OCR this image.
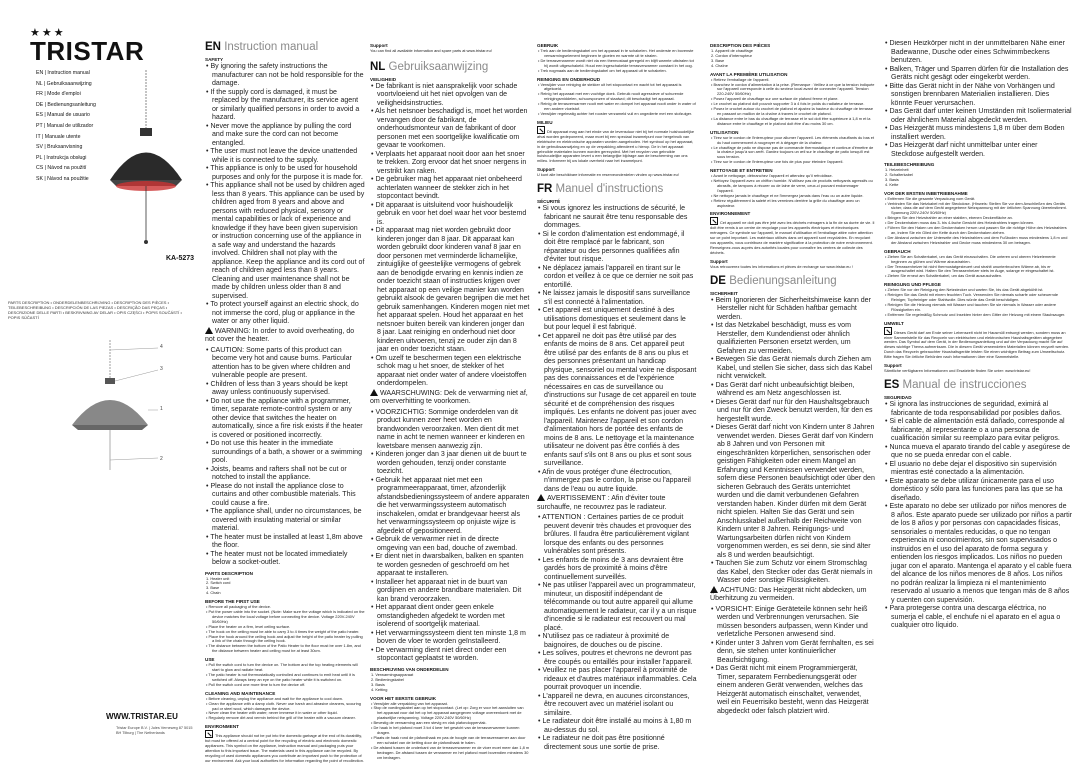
★★★
TRISTAR
EN | Instruction manual
NL | Gebruiksaanwijzing
FR | Mode d'emploi
DE | Bedienungsanleitung
ES | Manual de usuario
PT | Manual de utilizador
IT | Manuale utente
SV | Bruksanvisning
PL | Instrukcja obsługi
CS | Návod na použití
SK | Návod na použitie
KA-5273
PARTS DESCRIPTION • ONDERDELENBESCHRIJVING • DESCRIPTION DES PIÈCES • TEILEBESCHREIBUNG • DESCRIPCIÓN DE LAS PIEZAS • DESCRIÇÃO DAS PEÇAS • DESCRIZIONE DELLE PARTI • BESKRIVNING AV DELAR • OPIS CZĘŚCI • POPIS SOUČÁSTÍ • POPIS SÚČASTÍ
4
3
1
2
WWW.TRISTAR.EU
Tristar Europe B.V. | Jules Verneweg 87 5015 BH Tilburg | The Netherlands
EN Instruction manual
SAFETY
• By ignoring the safety instructions the manufacturer can not be hold responsible for the damage.
• If the supply cord is damaged, it must be replaced by the manufacturer, its service agent or similarly qualified persons in order to avoid a hazard.
• Never move the appliance by pulling the cord and make sure the cord can not become entangled.
• The user must not leave the device unattended while it is connected to the supply.
• This appliance is only to be used for household purposes and only for the purpose it is made for.
• This appliance shall not be used by children aged less than 8 years. This appliance can be used by children aged from 8 years and above and persons with reduced physical, sensory or mental capabilities or lack of experience and knowledge if they have been given supervision or instruction concerning use of the appliance in a safe way and understand the hazards involved. Children shall not play with the appliance. Keep the appliance and its cord out of reach of children aged less than 8 years. Cleaning and user maintenance shall not be made by children unless older than 8 and supervised.
• To protect yourself against an electric shock, do not immerse the cord, plug or appliance in the water or any other liquid.

WARNING: In order to avoid overheating, do not cover the heater.

• CAUTION: Some parts of this product can become very hot and cause burns. Particular attention has to be given where children and vulnerable people are present.
• Children of less than 3 years should be kept away unless continuously supervised.
• Do not use the appliance with a programmer, timer, separate remote-control system or any other device that switches the heater on automatically, since a fire risk exists if the heater is covered or positioned incorrectly.
• Do not use this heater in the immediate surroundings of a bath, a shower or a swimming pool.
• Joists, beams and rafters shall not be cut or notched to install the appliance.
• Please do not install the appliance close to curtains and other combustible materials. This could cause a fire.
• The appliance shall, under no circumstances, be covered with insulating material or similar material.
• The heater must be installed at least 1,8m above the floor.
• The heater must not be located immediately below a socket-outlet.
PARTS DESCRIPTION
1. Heater unit
2. Switch cord
3. Base
4. Chain
BEFORE THE FIRST USE
• Remove all packaging of the device.
• Put the power cable into the socket. (Note: Make sure the voltage which is indicated on the device matches the local voltage before connecting the device. Voltage 220V-240V 50/60Hz)
• Place the heater on a firm, level ceiling surface.
• The hook on the ceiling must be able to carry 3 to 4 times the weight of the patio heater.
• Place the hook around the ceiling hook and adjust the height of the patio heater by pulling a link of the chain through the ceiling hook.
• The distance between the bottom of the Patio Heater to the floor must be over 1.8m, and the distance between heater and ceiling must be at least 30cm.
USE
• Pull the switch cord to turn the device on. The bottom and the top heating elements will start to glow and radiate heat.
• The patio heater is not thermostatically controlled and continues to emit heat until it is switched off. Always keep an eye on the patio heater while it is switched on.
• Pull the switch cord one more time to turn the device off.
CLEANING AND MAINTENANCE
• Before cleaning, unplug the appliance and wait for the appliance to cool down.
• Clean the appliance with a damp cloth. Never use harsh and abrasive cleaners, scouring pad or steel wool, which damages the device.
• Never clean the heater with water; never immerse it in water or other liquid.
• Regularly remove dirt and vermin behind the grill of the heater with a vacuum cleaner.
ENVIRONMENT

This appliance should not be put into the domestic garbage at the end of its durability, but must be offered at a central point for the recycling of electric and electronic domestic appliances. This symbol on the appliance, instruction manual and packaging puts your attention to this important issue. The materials used in this appliance can be recycled. By recycling of used domestic appliances you contribute an important push to the protection of our environment. Ask your local authorities for information regarding the point of recollection.

Support

You can find all available information and spare parts at www.tristar.eu!

NL Gebruiksaanwijzing
VEILIGHEID
• De fabrikant is niet aansprakelijk voor schade voortvloeiend uit het niet opvolgen van de veiligheidsinstructies.
• Als het netsnoer beschadigd is, moet het worden vervangen door de fabrikant, de onderhoudsmonteur van de fabrikant of door personen met een soortgelijke kwalificatie om gevaar te voorkomen.
• Verplaats het apparaat nooit door aan het snoer te trekken. Zorg ervoor dat het snoer nergens in verstrikt kan raken.
• De gebruiker mag het apparaat niet onbeheerd achterlaten wanneer de stekker zich in het stopcontact bevindt.
• Dit apparaat is uitsluitend voor huishoudelijk gebruik en voor het doel waar het voor bestemd is.
• Dit apparaat mag niet worden gebruikt door kinderen jonger dan 8 jaar. Dit apparaat kan worden gebruikt door kinderen vanaf 8 jaar en door personen met verminderde lichamelijke, zintuiglijke of geestelijke vermogens of gebrek aan de benodigde ervaring en kennis indien ze onder toezicht staan of instructies krijgen over het apparaat op een veilige manier kan worden gebruikt alsook de gevaren begrijpen die met het gebruik samenhangen. Kinderen mogen niet met het apparaat spelen. Houd het apparaat en het netsnoer buiten bereik van kinderen jonger dan 8 jaar. Laat reiniging en onderhoud niet door kinderen uitvoeren, tenzij ze ouder zijn dan 8 jaar en onder toezicht staan.
• Om uzelf te beschermen tegen een elektrische schok mag u het snoer, de stekker of het apparaat niet onder water of andere vloeistoffen onderdompelen.

WAARSCHUWING: Dek de verwarming niet af, om oververhitting te voorkomen.

• VOORZICHTIG: Sommige onderdelen van dit product kunnen zeer heet worden en brandwonden veroorzaken. Men dient dit met name in acht te nemen wanneer er kinderen en kwetsbare mensen aanwezig zijn.
• Kinderen jonger dan 3 jaar dienen uit de buurt te worden gehouden, tenzij onder constante toezicht.
• Gebruik het apparaat niet met een programmeerapparaat, timer, afzonderlijk afstandsbedieningssysteem of andere apparaten die het verwarmingssysteem automatisch inschakelen, omdat er brandgevaar heerst als het verwarmingssysteem op onjuiste wijze is afgedekt of gepositioneerd.
• Gebruik de verwarmer niet in de directe omgeving van een bad, douche of zwembad.
• Er dient niet in dwarsbalken, balken en spanten te worden gesneden of geschroefd om het apparaat te installeren.
• Installeer het apparaat niet in de buurt van gordijnen en andere brandbare materialen. Dit kan brand veroorzaken.
• Het apparaat dient onder geen enkele omstandigheden afgedekt te worden met isolerend of soortgelijk materiaal.
• Het verwarmingssysteem dient ten minste 1,8 m boven de vloer te worden geïnstalleerd.
• De verwarming dient niet direct onder een stopcontact geplaatst te worden.
BESCHRIJVING VAN ONDERDELEN
1. Verwarmingsapparaat
2. Bedieningskabel
3. Basis
4. Ketting
VOOR HET EERSTE GEBRUIK
• Verwijder alle verpakking van het apparaat.
• Stop de voedingskabel aan op het stopcontact. (Let op: Zorg er voor het aansluiten van het apparaat voor dat het op het apparaat aangegeven voltage overeenkomt met de plaatselijke netspanning. Voltage 220V-240V 50/60Hz)
• Bevestig de verwarming aan een stevig en vlak plafondoppervlak.
• De haak in het plafond moet 3 tot 4 keer het gewicht van de terrasverwarmer kunnen dragen.
• Plaats de haak rond de plafondhaak en pas de hoogte van de terrasverwarmer aan door een schakel van de ketting door de plafondhaak te halen.
• De afstand tussen de onderkant van de terrasverwarmer en de vloer moet meer dan 1,8 m bedragen. De afstand tussen de verwarmer en het plafond moet bovendien minstens 30 cm bedragen.
GEBRUIK
• Trek aan de bedieningskabel om het apparaat in te schakelen. Het onderste en bovenste verwarmingselement beginnen te gloeien en warmte uit te stralen.
• De terrasverwarmer wordt niet via een thermostaat geregeld en blijft warmte uitstralen tot hij wordt uitgeschakeld. Houd een ingeschakelde terrasverwarmer constant in het oog.
• Trek nogmaals aan de bedieningskabel om het apparaat uit te schakelen.
REINIGING EN ONDERHOUD
• Verwijder voor reiniging de stekker uit het stopcontact en wacht tot het apparaat is afgekoeld.
• Reinig het apparaat met een vochtige doek. Gebruik nooit agressieve of schurende reinigingsmiddelen, schuursponzen of staalwol; dit beschadigt het apparaat.
• Reinig de terrasverwarmer nooit met water en dompel het apparaat nooit onder in water of een andere vloeistof.
• Verwijder regelmatig achter het rooster verzameld vuil en ongedierte met een stofzuiger.
MILIEU

Dit apparaat mag aan het einde van de levensduur niet bij het normale huishoudelijke afval worden gedeponeerd, maar moet bij een speciaal inzamelpunt voor hergebruik van elektrische en elektronische apparaten worden aangeboden. Het symbool op het apparaat, in de gebruiksaanwijzing en op de verpakking attendeert u hierop. De in het apparaat gebruikte materialen kunnen worden gerecycled. Met het recyclen van gebruikte huishoudelijke apparaten levert u een belangrijke bijdrage aan de bescherming van ons milieu. Informeer bij uw lokale overheid naar het inzamelpunt.

Support

U kunt alle beschikbare informatie en reserveonderdelen vinden op www.tristar.eu!

FR Manuel d'instructions
SÉCURITÉ
• Si vous ignorez les instructions de sécurité, le fabricant ne saurait être tenu responsable des dommages.
• Si le cordon d'alimentation est endommagé, il doit être remplacé par le fabricant, son réparateur ou des personnes qualifiées afin d'éviter tout risque.
• Ne déplacez jamais l'appareil en tirant sur le cordon et veillez à ce que ce dernier ne soit pas entortillé.
• Ne laissez jamais le dispositif sans surveillance s'il est connecté à l'alimentation.
• Cet appareil est uniquement destiné à des utilisations domestiques et seulement dans le but pour lequel il est fabriqué.
• Cet appareil ne doit pas être utilisé par des enfants de moins de 8 ans. Cet appareil peut être utilisé par des enfants de 8 ans ou plus et des personnes présentant un handicap physique, sensoriel ou mental voire ne disposant pas des connaissances et de l'expérience nécessaires en cas de surveillance ou d'instructions sur l'usage de cet appareil en toute sécurité et de compréhension des risques impliqués. Les enfants ne doivent pas jouer avec l'appareil. Maintenez l'appareil et son cordon d'alimentation hors de portée des enfants de moins de 8 ans. Le nettoyage et la maintenance utilisateur ne doivent pas être confiés à des enfants sauf s'ils ont 8 ans ou plus et sont sous surveillance.
• Afin de vous protéger d'une électrocution, n'immergez pas le cordon, la prise ou l'appareil dans de l'eau ou autre liquide.

AVERTISSEMENT : Afin d'éviter toute surchauffe, ne recouvrez pas le radiateur.

• ATTENTION : Certaines parties de ce produit peuvent devenir très chaudes et provoquer des brûlures. Il faudra être particulièrement vigilant lorsque des enfants ou des personnes vulnérables sont présents.
• Les enfants de moins de 3 ans devraient être gardés hors de proximité à moins d'être continuellement surveillés.
• Ne pas utiliser l'appareil avec un programmateur, minuteur, un dispositif indépendant de télécommande ou tout autre appareil qui allume automatiquement le radiateur, car il y a un risque d'incendie si le radiateur est recouvert ou mal placé.
• N'utilisez pas ce radiateur à proximité de baignoires, de douches ou de piscine.
• Les solives, poutres et chevrons ne devront pas être coupés ou entaillés pour installer l'appareil.
• Veuillez ne pas placer l'appareil à proximité de rideaux et d'autres matériaux inflammables. Cela pourrait provoquer un incendie.
• L'appareil ne devra, en aucunes circonstances, être recouvert avec un matériel isolant ou similaire.
• Le radiateur doit être installé au moins à 1,80 m au-dessus du sol.
• Le radiateur ne doit pas être positionné directement sous une sortie de prise.
DESCRIPTION DES PIÈCES
1. Appareil de chauffage
2. Cordon d'interrupteur
3. Base
4. Chaîne
AVANT LA PREMIÈRE UTILISATION
• Retirez l'emballage de l'appareil.
• Branchez le cordon d'alimentation à la prise. (Remarque : Veillez à ce que la tension indiquée sur l'appareil corresponde à celle du secteur local avant de connecter l'appareil. Tension 220-240V 50/60Hz)
• Posez l'appareil de chauffage sur une surface de plafond ferme et plane.
• Le crochet au plafond doit pouvoir supporter 3 à 4 fois le poids du radiateur de terrasse.
• Posez le crochet autour du crochet de plafond et ajustez la hauteur du chauffage de terrasse en passant un maillon de la chaîne à travers le crochet de plafond.
• La distance entre le bas du chauffage de terrasse et le sol doit être supérieure à 1,8 m et la distance entre le chauffage et le plafond doit être d'au moins 30 cm.
UTILISATION
• Tirez sur le cordon de l'interrupteur pour allumer l'appareil. Les éléments chauffants du bas et du haut commencent à rougeoyer et à dégager de la chaleur.
• Le chauffage de patio ne dispose pas de commande thermostatique et continue d'émettre de la chaleur jusqu'à son arrêt. Gardez toujours un œil sur le chauffage de patio lorsqu'il est sous tension.
• Tirez sur le cordon de l'interrupteur une fois de plus pour éteindre l'appareil.
NETTOYAGE ET ENTRETIEN
• Avant le nettoyage, débranchez l'appareil et attendez qu'il refroidisse.
• Nettoyez l'appareil avec un chiffon humide. N'utilisez pas de produits nettoyants agressifs ou abrasifs, de tampons à récurer ou de laine de verre, ceux-ci pouvant endommager l'appareil.
• Ne nettoyez jamais le chauffage et ne l'immergez jamais dans l'eau ou un autre liquide.
• Retirez régulièrement la saleté et les vermines derrière la grille du chauffage avec un aspirateur.
ENVIRONNEMENT

Cet appareil ne doit pas être jeté avec les déchets ménagers à la fin de sa durée de vie. Il doit être remis à un centre de recyclage pour les appareils électriques et électroniques ménagers. Ce symbole sur l'appareil, le manuel d'utilisation et l'emballage attire votre attention sur ce point important. Les matériaux utilisés dans cet appareil sont recyclables. En recyclant vos appareils, vous contribuez de manière significative à la protection de notre environnement. Renseignez-vous auprès des autorités locales pour connaître les centres de collecte des déchets.

Support

Vous retrouverez toutes les informations et pièces de rechange sur www.tristar.eu !

DE Bedienungsanleitung
SICHERHEIT
• Beim Ignorieren der Sicherheitshinweise kann der Hersteller nicht für Schäden haftbar gemacht werden.
• Ist das Netzkabel beschädigt, muss es vom Hersteller, dem Kundendienst oder ähnlich qualifizierten Personen ersetzt werden, um Gefahren zu vermeiden.
• Bewegen Sie das Gerät niemals durch Ziehen am Kabel, und stellen Sie sicher, dass sich das Kabel nicht verwickelt.
• Das Gerät darf nicht unbeaufsichtigt bleiben, während es am Netz angeschlossen ist.
• Dieses Gerät darf nur für den Haushaltsgebrauch und nur für den Zweck benutzt werden, für den es hergestellt wurde.
• Dieses Gerät darf nicht von Kindern unter 8 Jahren verwendet werden. Dieses Gerät darf von Kindern ab 8 Jahren und von Personen mit eingeschränkten körperlichen, sensorischen oder geistigen Fähigkeiten oder einem Mangel an Erfahrung und Kenntnissen verwendet werden, sofern diese Personen beaufsichtigt oder über den sicheren Gebrauch des Geräts unterrichtet wurden und die damit verbundenen Gefahren verstanden haben. Kinder dürfen mit dem Gerät nicht spielen. Halten Sie das Gerät und sein Anschlusskabel außerhalb der Reichweite von Kindern unter 8 Jahren. Reinigungs- und Wartungsarbeiten dürfen nicht von Kindern vorgenommen werden, es sei denn, sie sind älter als 8 und werden beaufsichtigt.
• Tauchen Sie zum Schutz vor einem Stromschlag das Kabel, den Stecker oder das Gerät niemals in Wasser oder sonstige Flüssigkeiten.

ACHTUNG: Das Heizgerät nicht abdecken, um Überhitzung zu vermeiden.

• VORSICHT: Einige Geräteteile können sehr heiß werden und Verbrennungen verursachen. Sie müssen besonders aufpassen, wenn Kinder und verletzliche Personen anwesend sind.
• Kinder unter 3 Jahren vom Gerät fernhalten, es sei denn, sie stehen unter kontinuierlicher Beaufsichtigung.
• Das Gerät nicht mit einem Programmiergerät, Timer, separatem Fernbedienungsgerät oder einem anderen Gerät verwenden, welches das Heizgerät automatisch einschaltet, verwendet, weil ein Feuerrisiko besteht, wenn das Heizgerät abgedeckt oder falsch platziert wird.
• Diesen Heizkörper nicht in der unmittelbaren Nähe einer Badewanne, Dusche oder eines Schwimmbeckens benutzen.
• Balken, Träger und Sparren dürfen für die Installation des Geräts nicht gesägt oder eingekerbt werden.
• Bitte das Gerät nicht in der Nähe von Vorhängen und sonstigen brennbaren Materialien installieren. Dies könnte Feuer verursachen.
• Das Gerät darf unter keinen Umständen mit Isoliermaterial oder ähnlichem Material abgedeckt werden.
• Das Heizgerät muss mindestens 1,8 m über dem Boden installiert werden.
• Das Heizgerät darf nicht unmittelbar unter einer Steckdose aufgestellt werden.
TEILEBESCHREIBUNG
1. Heizeinheit
2. Schalterkabel
3. Basis
4. Kette
VOR DER ERSTEN INBETRIEBNAHME
• Entfernen Sie die gesamte Verpackung vom Gerät.
• Verbinden Sie das Netzkabel mit der Steckdose. (Hinweis: Stellen Sie vor dem Anschließen des Geräts sicher, dass die auf dem Gerät angegebene Netzspannung mit der örtlichen Spannung übereinstimmt. Spannung 220V-240V 50/60Hz)
• Bringen Sie den Heizstrahler an einer stabilen, ebenen Deckenfläche an.
• Der Deckenhaken muss das 3- bis 4-fache Gewicht des Heizstrahlers tragen können.
• Führen Sie den Haken um den Deckenhaken herum und passen Sie die richtige Höhe des Heizstrahlers an, indem Sie ein Glied der Kette durch den Deckenhaken ziehen.
• Der Abstand zwischen der Unterseite des Heizstrahlers und dem Fußboden muss mindestens 1,8 m und der Abstand zwischen Heizstrahler und Decke muss mindestens 30 cm betragen.
GEBRAUCH
• Ziehen Sie am Schalterkabel, um das Gerät einzuschalten. Die unteren und oberen Heizelemente beginnen zu glühen und Wärme abzustrahlen.
• Der Terrassenheizer ist nicht thermostatgesteuert und strahlt ununterbrochen Wärme ab, bis er ausgeschaltet wird. Halten Sie den Terrassenheizer stets im Auge, solange er eingeschaltet ist.
• Ziehen Sie erneut am Schalterkabel, um das Gerät auszuschalten.
REINIGUNG UND PFLEGE
• Ziehen Sie vor der Reinigung den Netzstecker und warten Sie, bis das Gerät abgekühlt ist.
• Reinigen Sie das Gerät mit einem feuchten Tuch. Verwenden Sie niemals scharfe oder scheuernde Reiniger, Topfreiniger oder Stahlwolle. Dies würde das Gerät beschädigen.
• Reinigen Sie die Heizung niemals mit Wasser und tauchen Sie sie niemals in Wasser oder andere Flüssigkeiten ein.
• Entfernen Sie regelmäßig Schmutz und Insekten hinter dem Gitter der Heizung mit einem Staubsauger.
UMWELT

Dieses Gerät darf am Ende seiner Lebenszeit nicht im Hausmüll entsorgt werden, sondern muss an einer Sammelstelle für das Recyceln von elektrischen und elektronischen Haushaltsgeräten abgegeben werden. Das Symbol auf dem Gerät, in der Bedienungsanleitung und auf der Verpackung macht Sie auf dieses wichtige Thema aufmerksam. Die in diesem Gerät verwendeten Materialien können recycelt werden. Durch das Recyceln gebrauchter Haushaltsgeräte leisten Sie einen wichtigen Beitrag zum Umweltschutz. Bitte fragen Sie örtliche Behörden nach Informationen über eine Sammelstelle.

Support

Sämtliche verfügbaren Informationen und Ersatzteile finden Sie unter: www.tristar.eu!

ES Manual de instrucciones
SEGURIDAD
• Si ignora las instrucciones de seguridad, eximirá al fabricante de toda responsabilidad por posibles daños.
• Si el cable de alimentación está dañado, corresponde al fabricante, al representante o a una persona de cualificación similar su reemplazo para evitar peligros.
• Nunca mueva el aparato tirando del cable y asegúrese de que no se pueda enredar con el cable.
• El usuario no debe dejar el dispositivo sin supervisión mientras esté conectado a la alimentación.
• Este aparato se debe utilizar únicamente para el uso doméstico y sólo para las funciones para las que se ha diseñado.
• Este aparato no debe ser utilizado por niños menores de 8 años. Este aparato puede ser utilizado por niños a partir de los 8 años y por personas con capacidades físicas, sensoriales o mentales reducidas, o que no tengan experiencia ni conocimientos, sin son supervisados o instruidos en el uso del aparato de forma segura y entienden los riesgos implicados. Los niños no pueden jugar con el aparato. Mantenga el aparato y el cable fuera del alcance de los niños menores de 8 años. Los niños no podrán realizar la limpieza ni el mantenimiento reservado al usuario a menos que tengan más de 8 años y cuenten con supervisión.
• Para protegerse contra una descarga eléctrica, no sumerja el cable, el enchufe ni el aparato en el agua o cualquier otro líquido.
